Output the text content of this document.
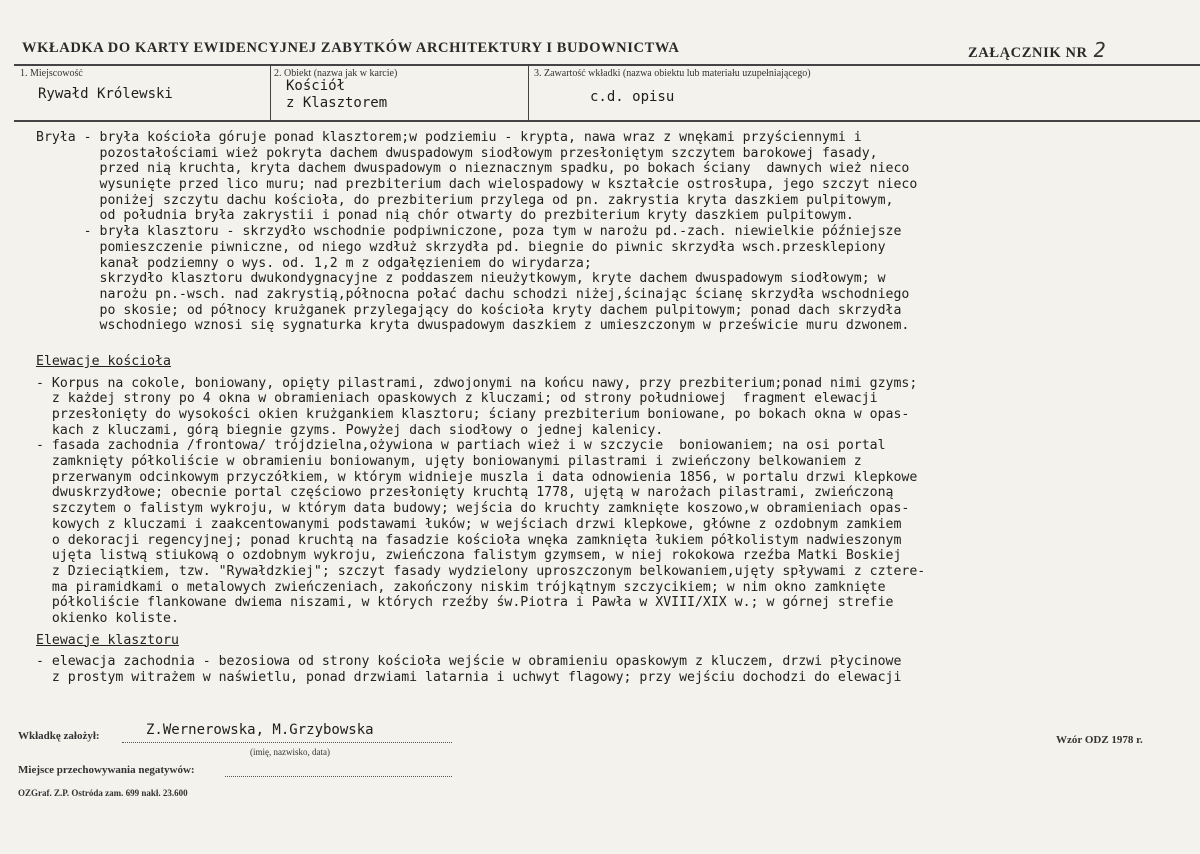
WKŁADKA DO KARTY EWIDENCYJNEJ ZABYTKÓW ARCHITEKTURY I BUDOWNICTWA	ZAŁĄCZNIK NR 2
1. Miejscowość
Rywałd Królewski
2. Obiekt (nazwa jak w karcie)
Kościół
z Klasztorem
3. Zawartość wkładki (nazwa obiektu lub materiału uzupełniającego)
c.d. opisu
Bryła - bryła kościoła góruje ponad klasztorem;w podziemiu - krypta, nawa wraz z wnękami przyściennymi i
pozostałościami wież pokryta dachem dwuspadowym siodłowym przesłoniętym szczytem barokowej fasady,
przed nią kruchta, kryta dachem dwuspadowym o nieznacznym spadku, po bokach ściany  dawnych wież nieco
wysunięte przed lico muru; nad prezbiterium dach wielospadowy w kształcie ostrosłupa, jego szczyt nieco
poniżej szczytu dachu kościoła, do prezbiterium przylega od pn. zakrystia kryta daszkiem pulpitowym,
od południa bryła zakrystii i ponad nią chór otwarty do prezbiterium kryty daszkiem pulpitowym.
- bryła klasztoru - skrzydło wschodnie podpiwniczone, poza tym w narożu pd.-zach. niewielkie późniejsze
pomieszczenie piwniczne, od niego wzdłuż skrzydła pd. biegnie do piwnic skrzydła wsch.przesklepiony
kanał podziemny o wys. od. 1,2 m z odgałęzieniem do wirydarza;
skrzydło klasztoru dwukondygnacyjne z poddaszem nieużytkowym, kryte dachem dwuspadowym siodłowym; w
narożu pn.-wsch. nad zakrystią,północna połać dachu schodzi niżej,ścinając ścianę skrzydła wschodniego
po skosie; od północy krużganek przylegający do kościoła kryty dachem pulpitowym; ponad dach skrzydła
wschodniego wznosi się sygnaturka kryta dwuspadowym daszkiem z umieszczonym w prześwicie muru dzwonem.
Elewacje kościoła
- Korpus na cokole, boniowany, opięty pilastrami, zdwojonymi na końcu nawy, przy prezbiterium;ponad nimi gzyms;
z każdej strony po 4 okna w obramieniach opaskowych z kluczami; od strony południowej  fragment elewacji
przesłonięty do wysokości okien krużgankiem klasztoru; ściany prezbiterium boniowane, po bokach okna w opas-
kach z kluczami, górą biegnie gzyms. Powyżej dach siodłowy o jednej kalenicy.
- fasada zachodnia /frontowa/ trójdzielna,ożywiona w partiach wież i w szczycie  boniowaniem; na osi portal
zamknięty półkoliście w obramieniu boniowanym, ujęty boniowanymi pilastrami i zwieńczony belkowaniem z
przerwanym odcinkowym przyczółkiem, w którym widnieje muszla i data odnowienia 1856, w portalu drzwi klepkowe
dwuskrzydłowe; obecnie portal częściowo przesłonięty kruchtą 1778, ujętą w narożach pilastrami, zwieńczoną
szczytem o falistym wykroju, w którym data budowy; wejścia do kruchty zamknięte koszowo,w obramieniach opas-
kowych z kluczami i zaakcentowanymi podstawami łuków; w wejściach drzwi klepkowe, główne z ozdobnym zamkiem
o dekoracji regencyjnej; ponad kruchtą na fasadzie kościoła wnęka zamknięta łukiem półkolistym nadwieszonym
ujęta listwą stiukową o ozdobnym wykroju, zwieńczona falistym gzymsem, w niej rokokowa rzeźba Matki Boskiej
z Dzieciątkiem, tzw. "Rywałdzkiej"; szczyt fasady wydzielony uproszczonym belkowaniem,ujęty spływami z cztere-
ma piramidkami o metalowych zwieńczeniach, zakończony niskim trójkątnym szczycikiem; w nim okno zamknięte
półkoliście flankowane dwiema niszami, w których rzeźby św.Piotra i Pawła w XVIII/XIX w.; w górnej strefie
okienko koliste.
Elewacje klasztoru
- elewacja zachodnia - bezosiowa od strony kościoła wejście w obramieniu opaskowym z kluczem, drzwi płycinowe
z prostym witrażem w naświetlu, ponad drzwiami latarnia i uchwyt flagowy; przy wejściu dochodzi do elewacji
Wkładkę założył:	Z.Wernerowska, M.Grzybowska
(imię, nazwisko, data)
Wzór ODZ 1978 r.
Miejsce przechowywania negatywów:
OZGraf. Z.P. Ostróda zam. 699 nakł. 23.600
